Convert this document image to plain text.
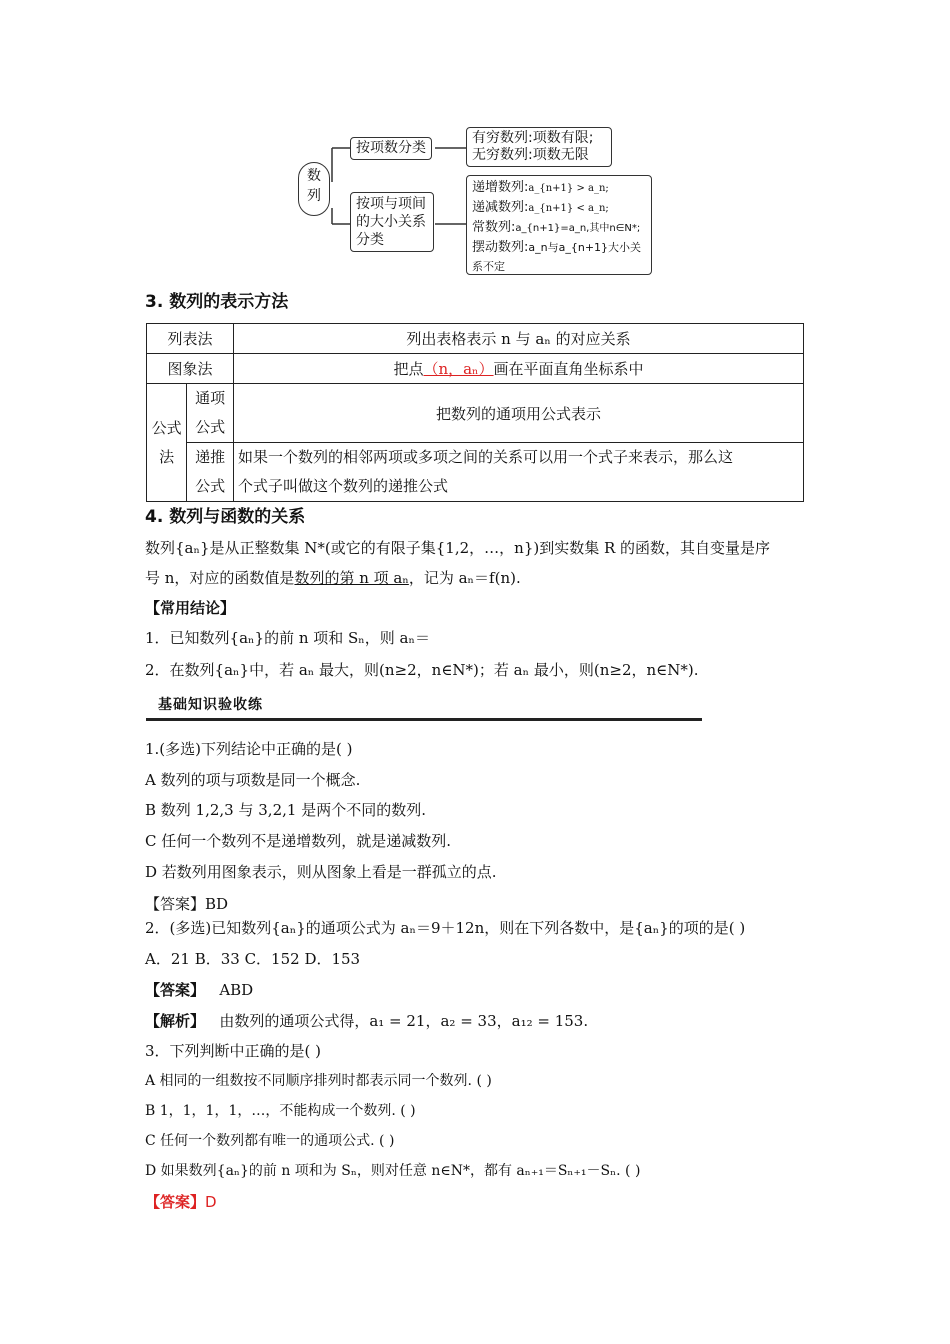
数列
按项数分类
有穷数列:项数有限;
无穷数列:项数无限
按项与项间的大小关系分类
递增数列:a_{n+1} > a_n;
递减数列:a_{n+1} < a_n;
常数列:a_{n+1}=a_n,其中n∈N*;
摆动数列:a_n与a_{n+1}大小关系不定
3. 数列的表示方法
列表法		列出表格表示 n 与 aₙ 的对应关系
图象法		把点（n，aₙ）画在平面直角坐标系中
公式法	通项公式	把数列的通项用公式表示
	递推公式	如果一个数列的相邻两项或多项之间的关系可以用一个式子来表示，那么这
个式子叫做这个数列的递推公式
4. 数列与函数的关系
数列{aₙ}是从正整数集 N*(或它的有限子集{1,2，…，n})到实数集 R 的函数，其自变量是序
号 n，对应的函数值是数列的第 n 项 aₙ，记为 aₙ＝f(n).
【常用结论】
1．已知数列{aₙ}的前 n 项和 Sₙ，则 aₙ＝
2．在数列{aₙ}中，若 aₙ 最大，则(n≥2，n∈N*)；若 aₙ 最小，则(n≥2，n∈N*).
基础知识验收练
1.(多选)下列结论中正确的是( )
A 数列的项与项数是同一个概念.
B 数列 1,2,3 与 3,2,1 是两个不同的数列.
C 任何一个数列不是递增数列，就是递减数列.
D 若数列用图象表示，则从图象上看是一群孤立的点.
【答案】BD
2．(多选)已知数列{aₙ}的通项公式为 aₙ＝9＋12n，则在下列各数中，是{aₙ}的项的是( )
A．21 B．33 C．152 D．153
【答案】 ABD
【解析】 由数列的通项公式得，a₁ = 21，a₂ = 33，a₁₂ = 153.
3．下列判断中正确的是( )
A 相同的一组数按不同顺序排列时都表示同一个数列. ( )
B 1，1，1，1，…，不能构成一个数列. ( )
C 任何一个数列都有唯一的通项公式. ( )
D 如果数列{aₙ}的前 n 项和为 Sₙ，则对任意 n∈N*，都有 aₙ₊₁＝Sₙ₊₁－Sₙ. ( )
【答案】D
